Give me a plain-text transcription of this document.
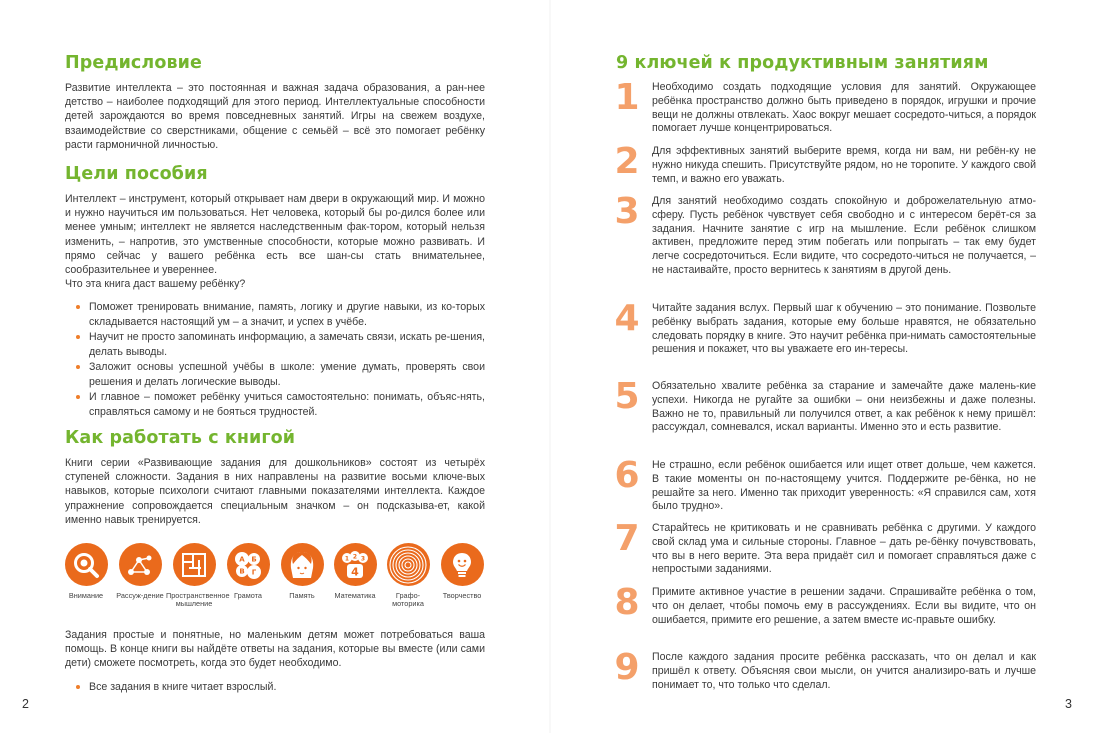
Предисловие

Развитие интеллекта – это постоянная и важная задача образования, а ран-нее детство – наиболее подходящий для этого период. Интеллектуальные способности детей зарождаются во время повседневных занятий. Игры на свежем воздухе, взаимодействие со сверстниками, общение с семьёй – всё это помогает ребёнку расти гармоничной личностью.

Цели пособия

Интеллект – инструмент, который открывает нам двери в окружающий мир. И можно и нужно научиться им пользоваться. Нет человека, который бы ро-дился более или менее умным; интеллект не является наследственным фак-тором, который нельзя изменить, – напротив, это умственные способности, которые можно развивать. И прямо сейчас у вашего ребёнка есть все шан-сы стать внимательнее, сообразительнее и увереннее.

Что эта книга даст вашему ребёнку?

Поможет тренировать внимание, память, логику и другие навыки, из ко-торых складывается настоящий ум – а значит, и успех в учёбе.
Научит не просто запоминать информацию, а замечать связи, искать ре-шения, делать выводы.
Заложит основы успешной учёбы в школе: умение думать, проверять свои решения и делать логические выводы.
И главное – поможет ребёнку учиться самостоятельно: понимать, объяс-нять, справляться самому и не бояться трудностей.
Как работать с книгой

Книги серии «Развивающие задания для дошкольников» состоят из четырёх ступеней сложности. Задания в них направлены на развитие восьми ключе-вых навыков, которые психологи считают главными показателями интеллекта. Каждое упражнение сопровождается специальным значком – он подсказыва-ет, какой именно навык тренируется.

Внимание	Рассуж-дение Пространственное мышление
А Б
В Г
Грамота	Память
1 2 3
4
Математика	Графо-моторика
Творчество

Задания простые и понятные, но маленьким детям может потребоваться ваша помощь. В конце книги вы найдёте ответы на задания, которые вы вместе (или сами дети) сможете посмотреть, когда это будет необходимо.

Все задания в книге читает взрослый.
2
9 ключей к продуктивным занятиям
3
1 Необходимо создать подходящие условия для занятий. Окружающее ребёнка пространство должно быть приведено в порядок, игрушки и прочие вещи не должны отвлекать. Хаос вокруг мешает сосредото-читься, а порядок помогает лучше концентрироваться.

2 Для эффективных занятий выберите время, когда ни вам, ни ребён-ку не нужно никуда спешить. Присутствуйте рядом, но не торопите. У каждого свой темп, и важно его уважать.

3 Для занятий необходимо создать спокойную и доброжелательную атмо-сферу. Пусть ребёнок чувствует себя свободно и с интересом берёт-ся за задания. Начните занятие с игр на мышление. Если ребёнок слишком активен, предложите перед этим побегать или попрыгать – так ему будет легче сосредоточиться. Если видите, что сосредото-читься не получается, – не настаивайте, просто вернитесь к занятиям в другой день.

4 Читайте задания вслух. Первый шаг к обучению – это понимание. Позвольте ребёнку выбрать задания, которые ему больше нравятся, не обязательно следовать порядку в книге. Это научит ребёнка при-нимать самостоятельные решения и покажет, что вы уважаете его ин-тересы.

5 Обязательно хвалите ребёнка за старание и замечайте даже малень-кие успехи. Никогда не ругайте за ошибки – они неизбежны и даже полезны. Важно не то, правильный ли получился ответ, а как ребёнок к нему пришёл: рассуждал, сомневался, искал варианты. Именно это и есть развитие.

6 Не страшно, если ребёнок ошибается или ищет ответ дольше, чем кажется. В такие моменты он по-настоящему учится. Поддержите ре-бёнка, но не решайте за него. Именно так приходит уверенность: «Я справился сам, хотя было трудно».

7 Старайтесь не критиковать и не сравнивать ребёнка с другими. У каждого свой склад ума и сильные стороны. Главное – дать ре-бёнку почувствовать, что вы в него верите. Эта вера придаёт сил и помогает справляться даже с непростыми заданиями.

8 Примите активное участие в решении задачи. Спрашивайте ребёнка о том, что он делает, чтобы помочь ему в рассуждениях. Если вы видите, что он ошибается, примите его решение, а затем вместе ис-правьте ошибку.

9 После каждого задания просите ребёнка рассказать, что он делал и как пришёл к ответу. Объясняя свои мысли, он учится анализиро-вать и лучше понимает то, что только что сделал.
